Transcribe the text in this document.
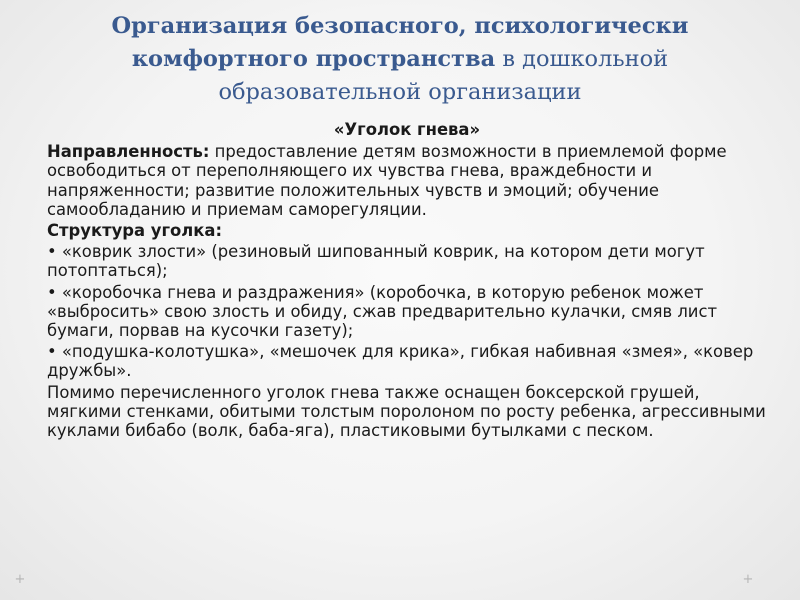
Организация безопасного, психологически комфортного пространства в дошкольной образовательной организации
«Уголок гнева»
Направленность: предоставление детям возможности в приемлемой форме освободиться от переполняющего их чувства гнева, враждебности и напряженности; развитие положительных чувств и эмоций; обучение самообладанию и приемам саморегуляции.
Структура уголка:
• «коврик злости» (резиновый шипованный коврик, на котором дети могут потоптаться);
• «коробочка гнева и раздражения» (коробочка, в которую ребенок может «выбросить» свою злость и обиду, сжав предварительно кулачки, смяв лист бумаги, порвав на кусочки газету);
• «подушка-колотушка», «мешочек для крика», гибкая набивная «змея», «ковер дружбы».
Помимо перечисленного уголок гнева также оснащен боксерской грушей, мягкими стенками, обитыми толстым поролоном по росту ребенка, агрессивными куклами бибабо (волк, баба-яга), пластиковыми бутылками с песком.
+	+
